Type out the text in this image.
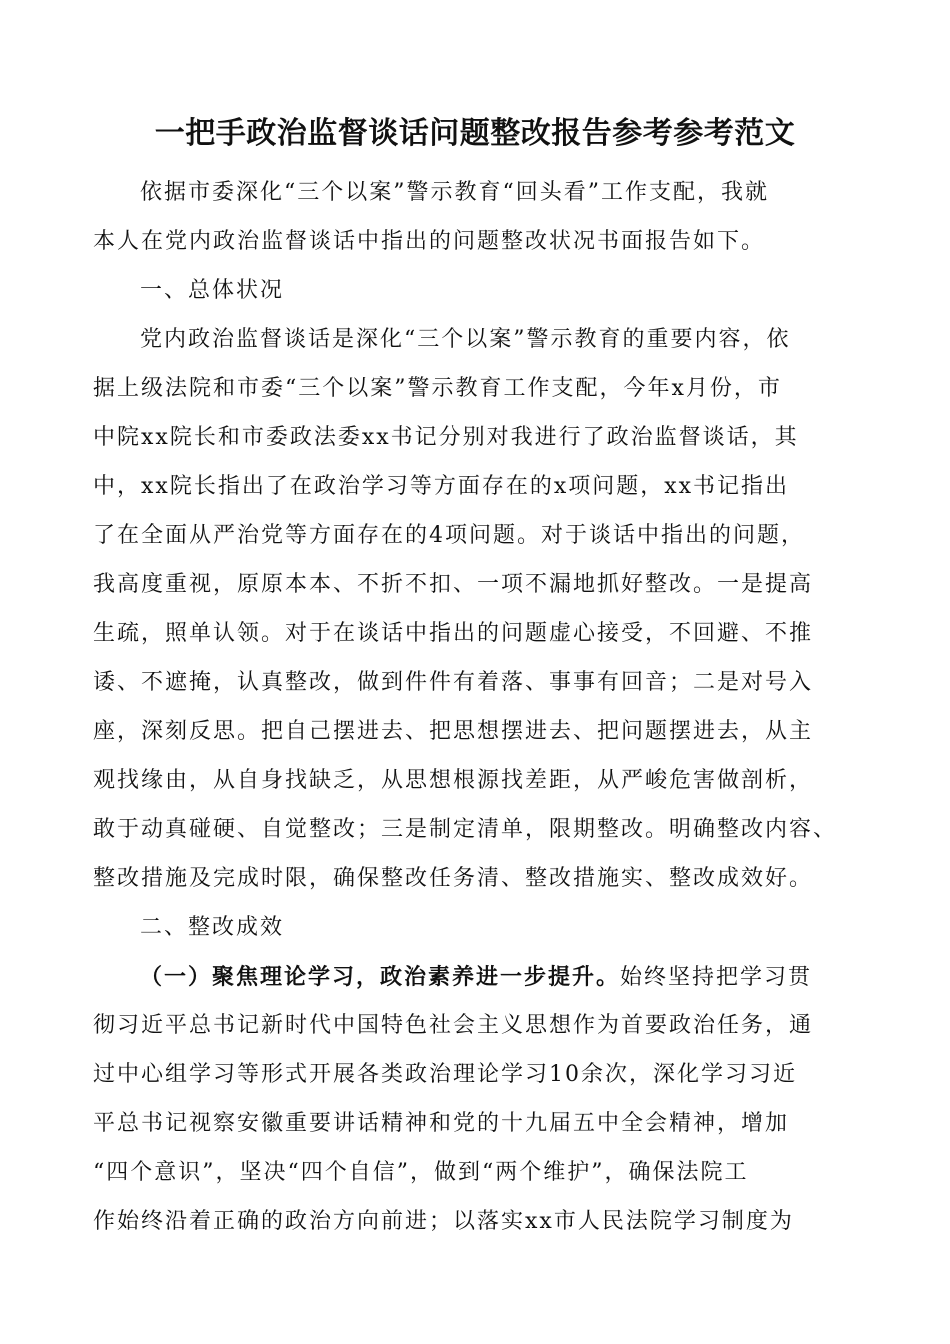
一把手政治监督谈话问题整改报告参考参考范文
依据市委深化“三个以案”警示教育“回头看”工作支配，我就
本人在党内政治监督谈话中指出的问题整改状况书面报告如下。
一、总体状况
党内政治监督谈话是深化“三个以案”警示教育的重要内容，依
据上级法院和市委“三个以案”警示教育工作支配，今年x月份，市
中院xx院长和市委政法委xx书记分别对我进行了政治监督谈话，其
中，xx院长指出了在政治学习等方面存在的x项问题，xx书记指出
了在全面从严治党等方面存在的4项问题。对于谈话中指出的问题，
我高度重视，原原本本、不折不扣、一项不漏地抓好整改。一是提高
生疏，照单认领。对于在谈话中指出的问题虚心接受，不回避、不推
诿、不遮掩，认真整改，做到件件有着落、事事有回音；二是对号入
座，深刻反思。把自己摆进去、把思想摆进去、把问题摆进去，从主
观找缘由，从自身找缺乏，从思想根源找差距，从严峻危害做剖析，
敢于动真碰硬、自觉整改；三是制定清单，限期整改。明确整改内容、
整改措施及完成时限，确保整改任务清、整改措施实、整改成效好。
二、整改成效
（一）聚焦理论学习，政治素养进一步提升。始终坚持把学习贯
彻习近平总书记新时代中国特色社会主义思想作为首要政治任务，通
过中心组学习等形式开展各类政治理论学习10余次，深化学习习近
平总书记视察安徽重要讲话精神和党的十九届五中全会精神，增加
“四个意识”，坚决“四个自信”，做到“两个维护”，确保法院工
作始终沿着正确的政治方向前进；以落实xx市人民法院学习制度为
